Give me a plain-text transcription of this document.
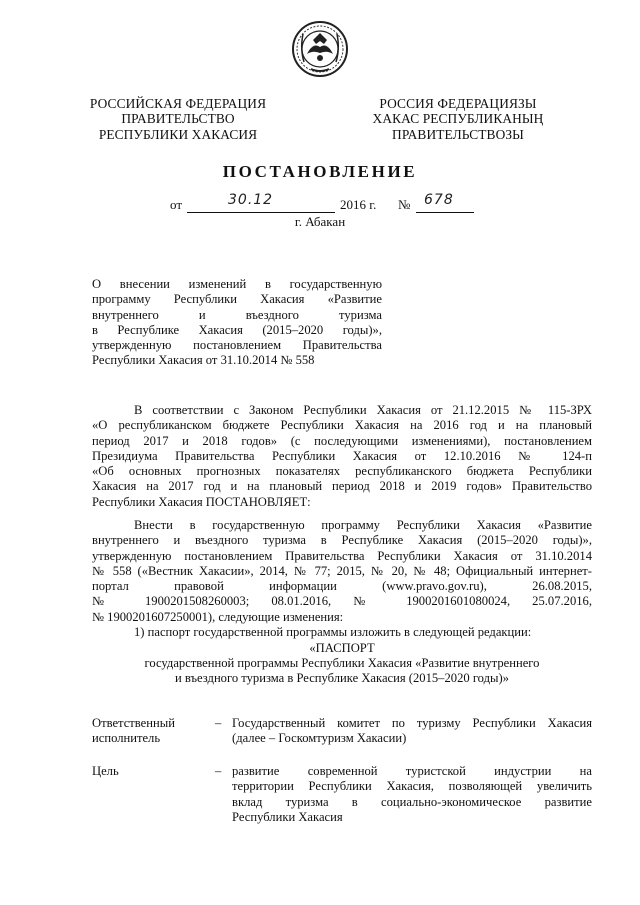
РОССИЙСКАЯ ФЕДЕРАЦИЯ
ПРАВИТЕЛЬСТВО
РЕСПУБЛИКИ ХАКАСИЯ
РОССИЯ ФЕДЕРАЦИЯЗЫ
ХАКАС РЕСПУБЛИКАНЫҢ
ПРАВИТЕЛЬСТВОЗЫ
ПОСТАНОВЛЕНИЕ
от	30.12	2016 г. № 678
г. Абакан
О внесении изменений в государственную
программу Республики Хакасия «Развитие
внутреннего и въездного туризма
в Республике Хакасия (2015–2020 годы)»,
утвержденную постановлением Правительства
Республики Хакасия от 31.10.2014 № 558
В соответствии с Законом Республики Хакасия от 21.12.2015 № 115-ЗРХ
«О республиканском бюджете Республики Хакасия на 2016 год и на плановый
период 2017 и 2018 годов» (с последующими изменениями), постановлением
Президиума Правительства Республики Хакасия от 12.10.2016 № 124-п
«Об основных прогнозных показателях республиканского бюджета Республики
Хакасия на 2017 год и на плановый период 2018 и 2019 годов» Правительство
Республики Хакасия ПОСТАНОВЛЯЕТ:
Внести в государственную программу Республики Хакасия «Развитие
внутреннего и въездного туризма в Республике Хакасия (2015–2020 годы)»,
утвержденную постановлением Правительства Республики Хакасия от 31.10.2014
№ 558 («Вестник Хакасии», 2014, № 77; 2015, № 20, № 48; Официальный интернет-
портал правовой информации (www.pravo.gov.ru), 26.08.2015,
№ 1900201508260003; 08.01.2016, № 1900201601080024, 25.07.2016,
№ 1900201607250001), следующие изменения:
1) паспорт государственной программы изложить в следующей редакции:
«ПАСПОРТ
государственной программы Республики Хакасия «Развитие внутреннего
и въездного туризма в Республике Хакасия (2015–2020 годы)»
Ответственный
исполнитель
– Государственный комитет по туризму Республики Хакасия
(далее – Госкомтуризм Хакасии)
Цель	– развитие современной туристской индустрии на
территории Республики Хакасия, позволяющей увеличить
вклад туризма в социально-экономическое развитие
Республики Хакасия
